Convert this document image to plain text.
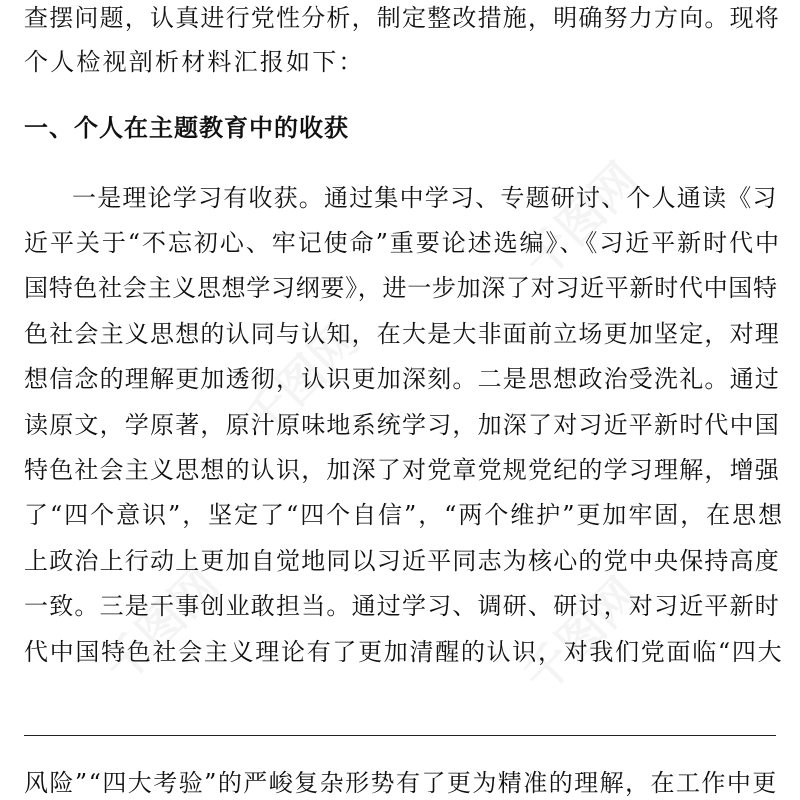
千图网
千图网
千图网
千图网
查摆问题，认真进行党性分析，制定整改措施，明确努力方向。现将
个人检视剖析材料汇报如下：
一、个人在主题教育中的收获
一是理论学习有收获。通过集中学习、专题研讨、个人通读《习
近平关于“不忘初心、牢记使命”重要论述选编》、《习近平新时代中
国特色社会主义思想学习纲要》，进一步加深了对习近平新时代中国特
色社会主义思想的认同与认知，在大是大非面前立场更加坚定，对理
想信念的理解更加透彻，认识更加深刻。二是思想政治受洗礼。通过
读原文，学原著，原汁原味地系统学习，加深了对习近平新时代中国
特色社会主义思想的认识，加深了对党章党规党纪的学习理解，增强
了“四个意识”，坚定了“四个自信”，“两个维护”更加牢固，在思想
上政治上行动上更加自觉地同以习近平同志为核心的党中央保持高度
一致。三是干事创业敢担当。通过学习、调研、研讨，对习近平新时
代中国特色社会主义理论有了更加清醒的认识，对我们党面临“四大
风险”“四大考验”的严峻复杂形势有了更为精准的理解，在工作中更
